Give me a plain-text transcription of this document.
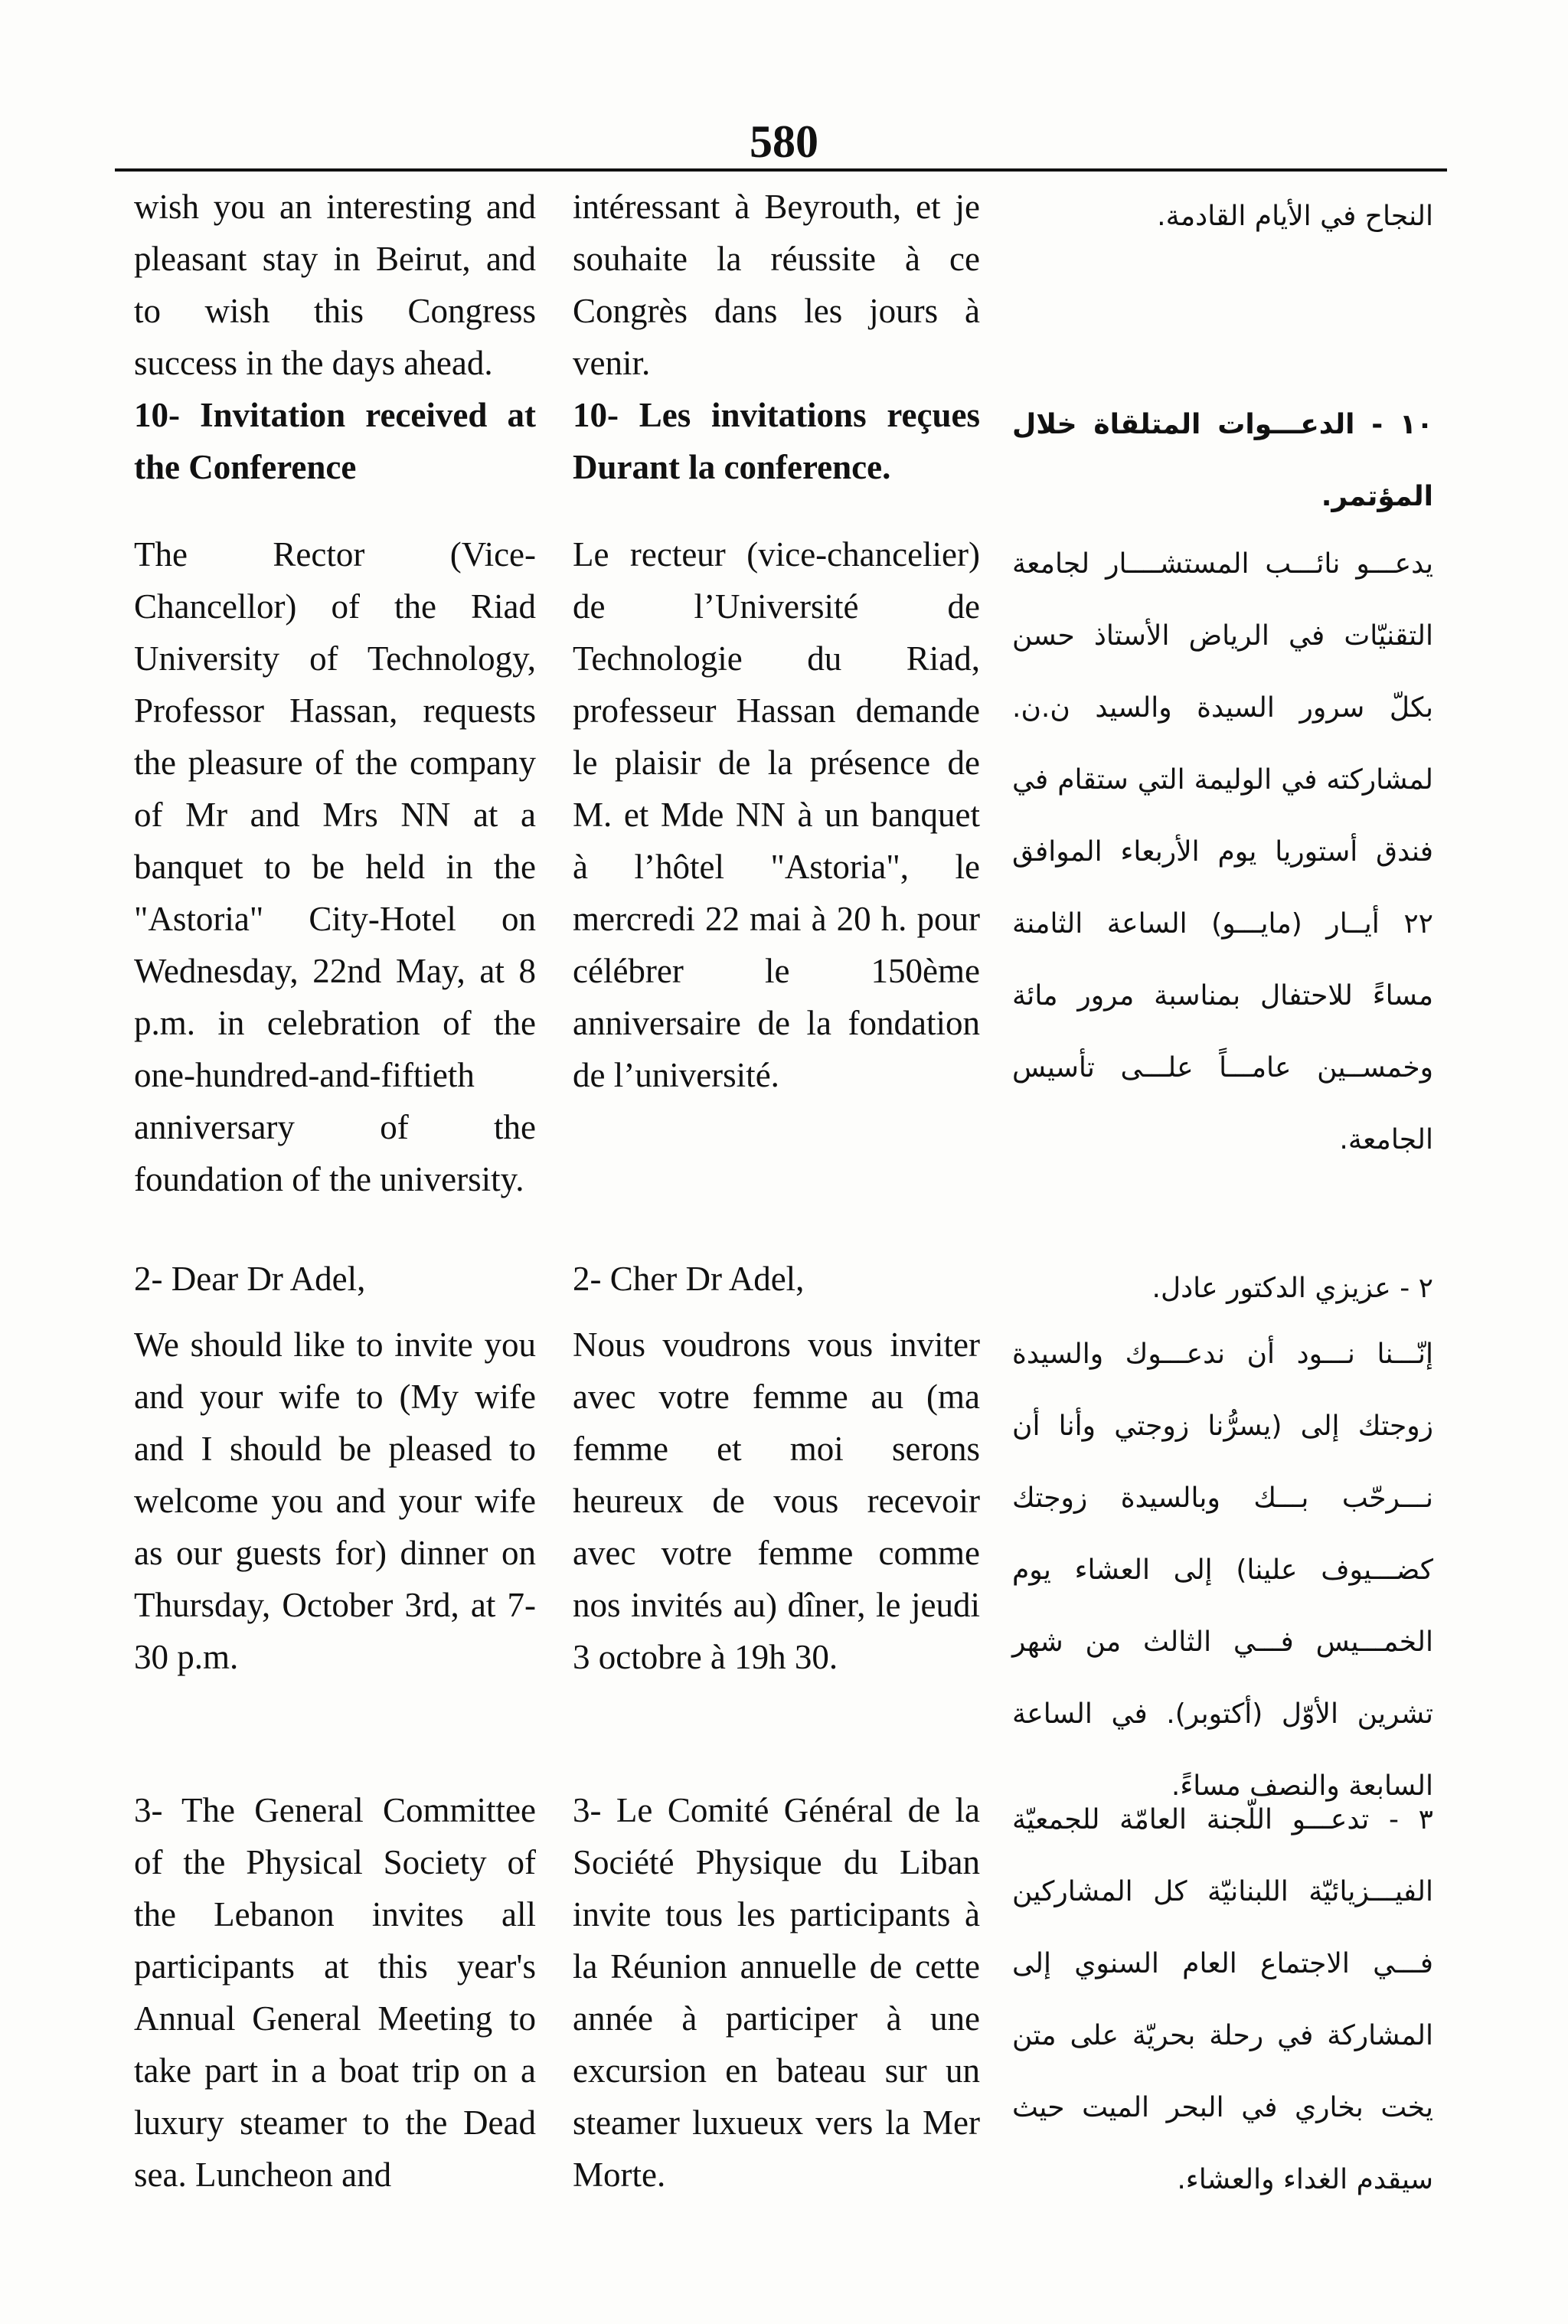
580

wish you an interesting and pleasant stay in Beirut, and to wish this Congress success in the days ahead.

intéressant à Beyrouth, et je souhaite la réussite à ce Congrès dans les jours à venir.

النجاح في الأيام القادمة.

10- Invitation received at the Conference

10- Les invitations reçues Durant la conference.

١٠ - الدعـــوات المتلقاة خلال المؤتمر.

The Rector (Vice-Chancellor) of the Riad University of Technology, Professor Hassan, requests the pleasure of the company of Mr and Mrs NN at a banquet to be held in the "Astoria" City-Hotel on Wednesday, 22nd May, at 8 p.m. in celebration of the one-hundred-and-fiftieth anniversary of the foundation of the university.

Le recteur (vice-chancelier) de l’Université de Technologie du Riad, professeur Hassan demande le plaisir de la présence de M. et Mde NN à un banquet à l’hôtel "Astoria", le mercredi 22 mai à 20 h. pour célébrer le 150ème anniversaire de la fondation de l’université.

يدعـــو نائـــب المستشــــار لجامعة التقنيّات في الرياض الأستاذ حسن بكلّ سرور السيدة والسيد ن.ن. لمشاركته في الوليمة التي ستقام في فندق أستوريا يوم الأربعاء الموافق ٢٢ أيــار (مايـــو) الساعة الثامنة مساءً للاحتفال بمناسبة مرور مائة وخمســين عامـــاً علـــى تأسيس الجامعة.

2- Dear Dr Adel,	2- Cher Dr Adel,	٢ - عزيزي الدكتور عادل.

We should like to invite you and your wife to (My wife and I should be pleased to welcome you and your wife as our guests for) dinner on Thursday, October 3rd, at 7-30 p.m.

Nous voudrons vous inviter avec votre femme au (ma femme et moi serons heureux de vous recevoir avec votre femme comme nos invités au) dîner, le jeudi 3 octobre à 19h 30.

إنّـــنا نـــود أن ندعـــوك والسيدة زوجتك إلى (يسرُّنا زوجتي وأنا أن نـــرحّب بـــك وبالسيدة زوجتك كضـــيوف علينا) إلى العشاء يوم الخمـــيس فـــي الثالث من شهر تشرين الأوّل (أكتوبر). في الساعة السابعة والنصف مساءً.

3- The General Committee of the Physical Society of the Lebanon invites all participants at this year's Annual General Meeting to take part in a boat trip on a luxury steamer to the Dead sea. Luncheon and

3- Le Comité Général de la Société Physique du Liban invite tous les participants à la Réunion annuelle de cette année à participer à une excursion en bateau sur un steamer luxueux vers la Mer Morte.

٣ - تدعـــو اللّجنة العامّة للجمعيّة الفيـــزيائيّة اللبنانيّة كل المشاركين فـــي الاجتماع العام السنوي إلى المشاركة في رحلة بحريّة على متن يخت بخاري في البحر الميت حيث سيقدم الغداء والعشاء.
